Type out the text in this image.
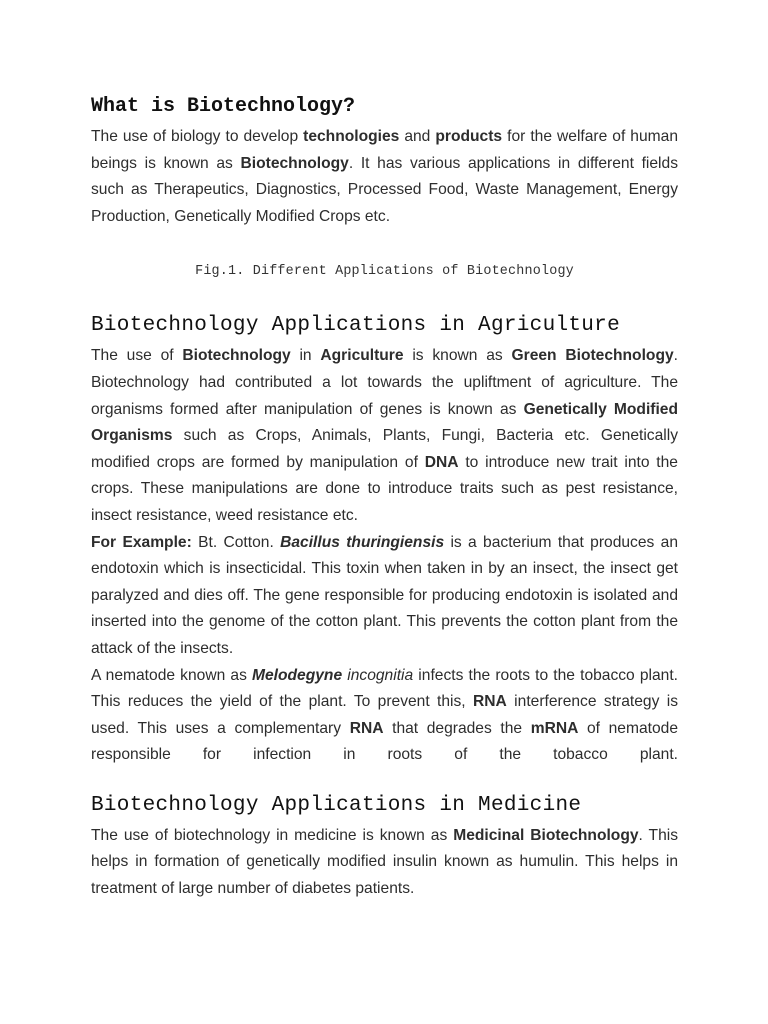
What is Biotechnology?

The use of biology to develop technologies and products for the welfare of human beings is known as Biotechnology. It has various applications in different fields such as Therapeutics, Diagnostics, Processed Food, Waste Management, Energy Production, Genetically Modified Crops etc.

Fig.1. Different Applications of Biotechnology
Biotechnology Applications in Agriculture

The use of Biotechnology in Agriculture is known as Green Biotechnology. Biotechnology had contributed a lot towards the upliftment of agriculture. The organisms formed after manipulation of genes is known as Genetically Modified Organisms such as Crops, Animals, Plants, Fungi, Bacteria etc. Genetically modified crops are formed by manipulation of DNA to introduce new trait into the crops. These manipulations are done to introduce traits such as pest resistance, insect resistance, weed resistance etc.

For Example: Bt. Cotton. Bacillus thuringiensis is a bacterium that produces an endotoxin which is insecticidal. This toxin when taken in by an insect, the insect get paralyzed and dies off. The gene responsible for producing endotoxin is isolated and inserted into the genome of the cotton plant. This prevents the cotton plant from the attack of the insects.

A nematode known as Melodegyne incognitia infects the roots to the tobacco plant. This reduces the yield of the plant. To prevent this, RNA interference strategy is used. This uses a complementary RNA that degrades the mRNA of nematode responsible for infection in roots of the tobacco plant.

Biotechnology Applications in Medicine

The use of biotechnology in medicine is known as Medicinal Biotechnology. This helps in formation of genetically modified insulin known as humulin. This helps in treatment of large number of diabetes patients.
